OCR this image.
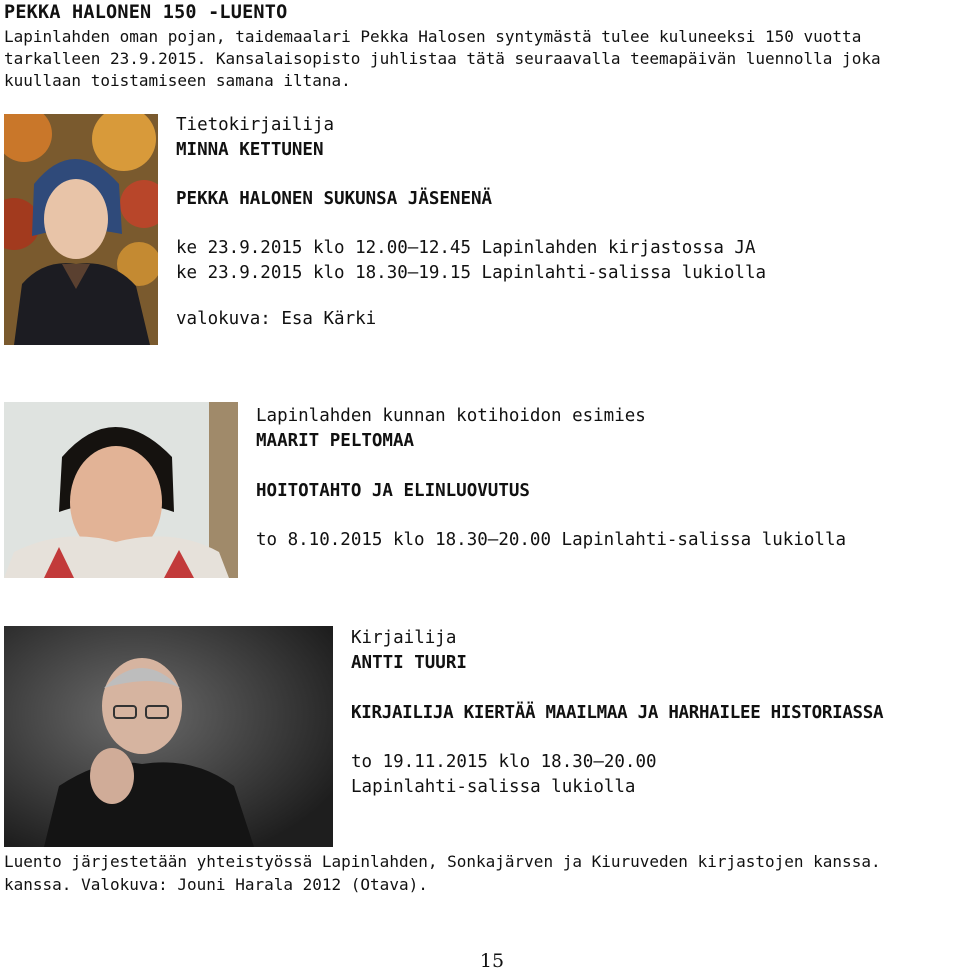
PEKKA HALONEN 150 -LUENTO
Lapinlahden oman pojan, taidemaalari Pekka Halosen syntymästä tulee kuluneeksi 150 vuotta
tarkalleen 23.9.2015. Kansalaisopisto juhlistaa tätä seuraavalla teemapäivän luennolla joka
kuullaan toistamiseen samana iltana.
Tietokirjailija
MINNA KETTUNEN
PEKKA HALONEN SUKUNSA JÄSENENÄ
ke 23.9.2015 klo 12.00–12.45 Lapinlahden kirjastossa JA
ke 23.9.2015 klo 18.30–19.15 Lapinlahti-salissa lukiolla
valokuva: Esa Kärki
Lapinlahden kunnan kotihoidon esimies
MAARIT PELTOMAA
HOITOTAHTO JA ELINLUOVUTUS
to 8.10.2015 klo 18.30–20.00 Lapinlahti-salissa lukiolla
Kirjailija
ANTTI TUURI
KIRJAILIJA KIERTÄÄ MAAILMAA JA HARHAILEE HISTORIASSA
to 19.11.2015 klo 18.30–20.00
Lapinlahti-salissa lukiolla
Luento järjestetään yhteistyössä Lapinlahden, Sonkajärven ja Kiuruveden kirjastojen kanssa.
kanssa. Valokuva: Jouni Harala 2012 (Otava).
15
